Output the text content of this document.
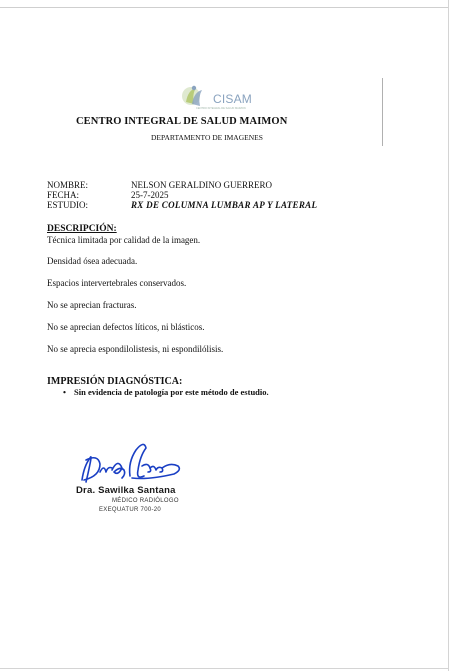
CISAM
CENTRO INTEGRAL DE SALUD MAIMON
CENTRO INTEGRAL DE SALUD MAIMON
DEPARTAMENTO DE IMAGENES
NOMBRE:	NELSON GERALDINO GUERRERO
FECHA:	25-7-2025
ESTUDIO:	RX DE COLUMNA LUMBAR AP Y LATERAL
DESCRIPCIÓN:
Técnica limitada por calidad de la imagen.
Densidad ósea adecuada.
Espacios intervertebrales conservados.
No se aprecian fracturas.
No se aprecian defectos líticos, ni blásticos.
No se aprecia espondilolistesis, ni espondilólisis.
IMPRESIÓN DIAGNÓSTICA:
• Sin evidencia de patología por este método de estudio.
Dra. Sawilka Santana
MÉDICO RADIÓLOGO
EXEQUATUR 700-20
